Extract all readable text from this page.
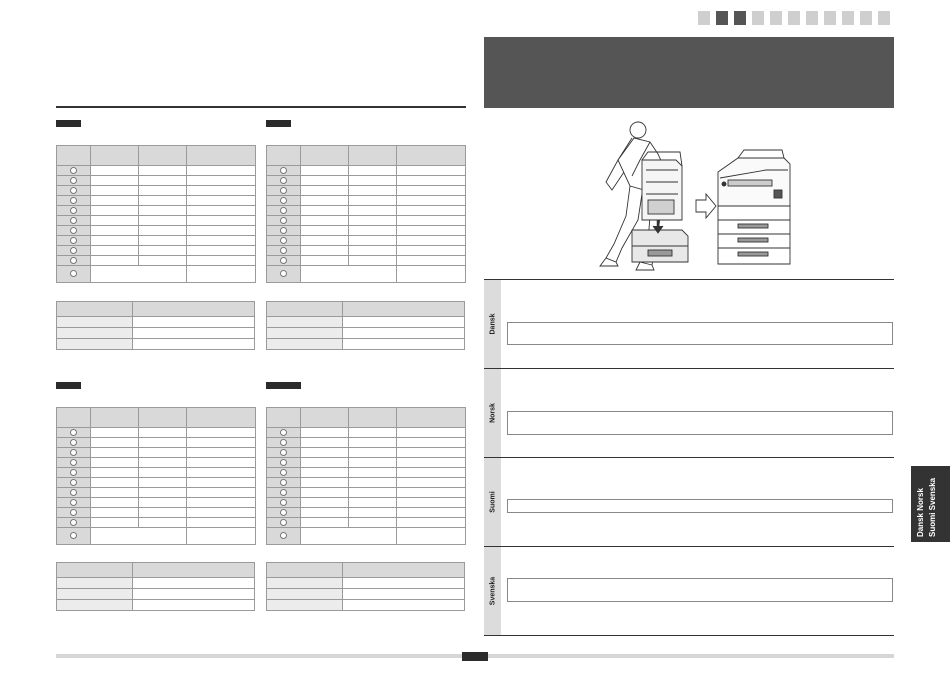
Dansk
Norsk
Suomi
Svenska
Dansk Norsk Suomi Svenska
